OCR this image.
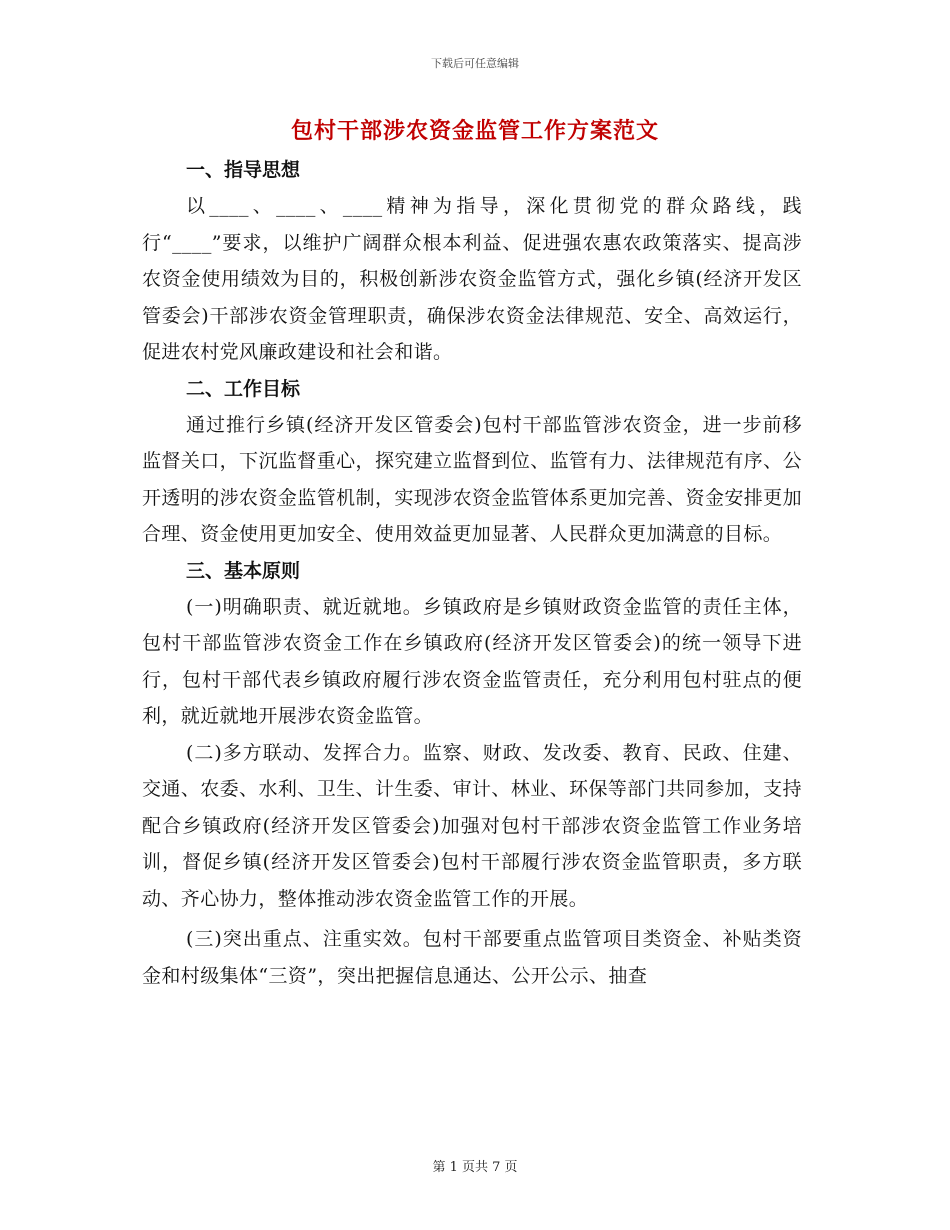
下载后可任意编辑
包村干部涉农资金监管工作方案范文
一、指导思想

以____、____、____精神为指导，深化贯彻党的群众路线，践行“____”要求，以维护广阔群众根本利益、促进强农惠农政策落实、提高涉农资金使用绩效为目的，积极创新涉农资金监管方式，强化乡镇(经济开发区管委会)干部涉农资金管理职责，确保涉农资金法律规范、安全、高效运行，促进农村党风廉政建设和社会和谐。

二、工作目标

通过推行乡镇(经济开发区管委会)包村干部监管涉农资金，进一步前移监督关口，下沉监督重心，探究建立监督到位、监管有力、法律规范有序、公开透明的涉农资金监管机制，实现涉农资金监管体系更加完善、资金安排更加合理、资金使用更加安全、使用效益更加显著、人民群众更加满意的目标。

三、基本原则

(一)明确职责、就近就地。乡镇政府是乡镇财政资金监管的责任主体，包村干部监管涉农资金工作在乡镇政府(经济开发区管委会)的统一领导下进行，包村干部代表乡镇政府履行涉农资金监管责任，充分利用包村驻点的便利，就近就地开展涉农资金监管。

(二)多方联动、发挥合力。监察、财政、发改委、教育、民政、住建、交通、农委、水利、卫生、计生委、审计、林业、环保等部门共同参加，支持配合乡镇政府(经济开发区管委会)加强对包村干部涉农资金监管工作业务培训，督促乡镇(经济开发区管委会)包村干部履行涉农资金监管职责，多方联动、齐心协力，整体推动涉农资金监管工作的开展。

(三)突出重点、注重实效。包村干部要重点监管项目类资金、补贴类资金和村级集体“三资”，突出把握信息通达、公开公示、抽查

第 1 页共 7 页
